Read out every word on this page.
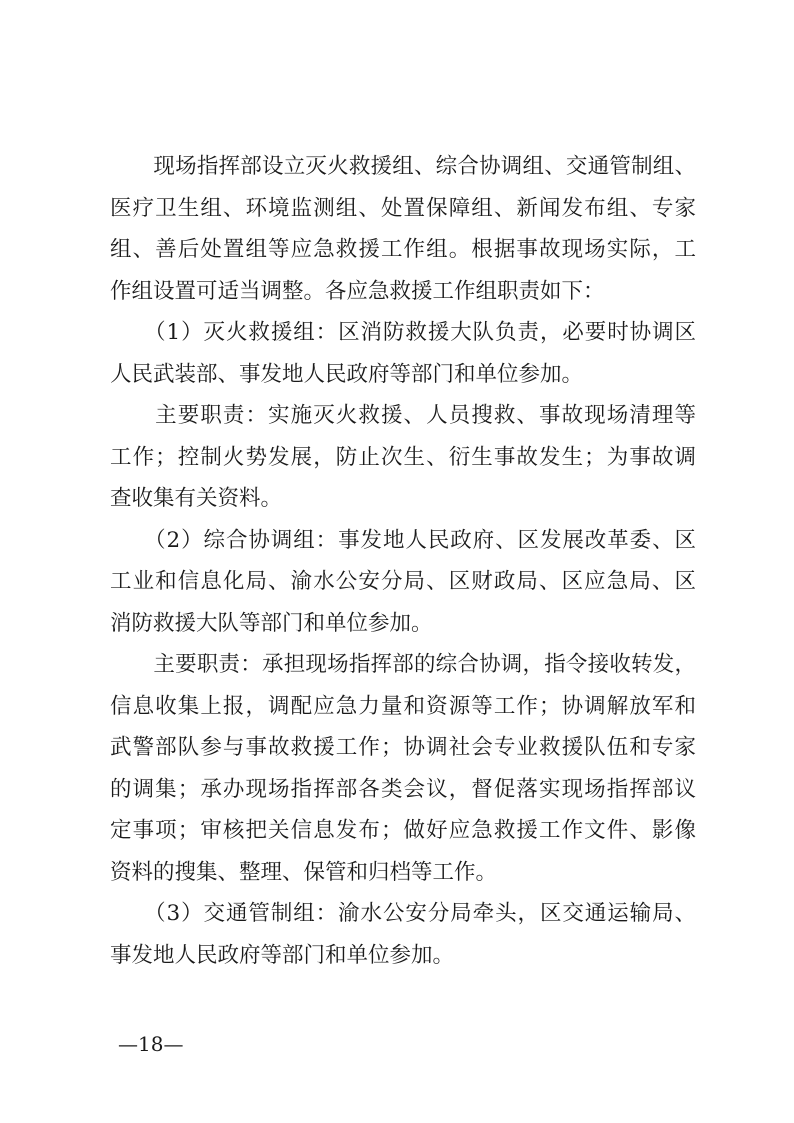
　　现场指挥部设立灭火救援组、综合协调组、交通管制组、
医疗卫生组、环境监测组、处置保障组、新闻发布组、专家
组、善后处置组等应急救援工作组。根据事故现场实际，工
作组设置可适当调整。各应急救援工作组职责如下：
　　（1）灭火救援组：区消防救援大队负责，必要时协调区
人民武装部、事发地人民政府等部门和单位参加。
　　主要职责：实施灭火救援、人员搜救、事故现场清理等
工作；控制火势发展，防止次生、衍生事故发生；为事故调
查收集有关资料。
　　（2）综合协调组：事发地人民政府、区发展改革委、区
工业和信息化局、渝水公安分局、区财政局、区应急局、区
消防救援大队等部门和单位参加。
　　主要职责：承担现场指挥部的综合协调，指令接收转发，
信息收集上报，调配应急力量和资源等工作；协调解放军和
武警部队参与事故救援工作；协调社会专业救援队伍和专家
的调集；承办现场指挥部各类会议，督促落实现场指挥部议
定事项；审核把关信息发布；做好应急救援工作文件、影像
资料的搜集、整理、保管和归档等工作。
　　（3）交通管制组：渝水公安分局牵头，区交通运输局、
事发地人民政府等部门和单位参加。
—18—
